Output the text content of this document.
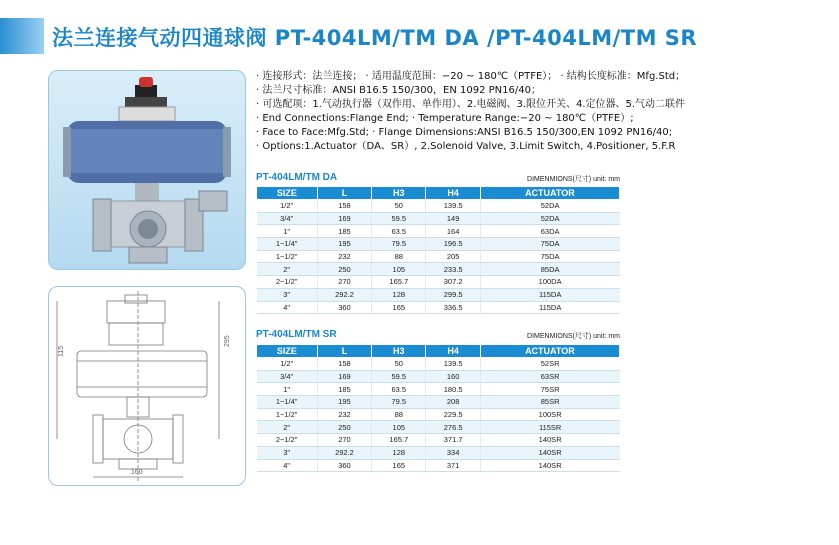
法兰连接气动四通球阀 PT-404LM/TM DA /PT-404LM/TM SR
115
295
160
· 连接形式：法兰连接； · 适用温度范围：−20 ~ 180℃（PTFE）； · 结构长度标准：Mfg.Std；
· 法兰尺寸标准：ANSI B16.5 150/300，EN 1092 PN16/40；
· 可选配项：1.气动执行器（双作用、单作用）、2.电磁阀、3.限位开关、4.定位器、5.气动二联件
· End Connections:Flange End; · Temperature Range:−20 ~ 180℃（PTFE）;
· Face to Face:Mfg.Std; · Flange Dimensions:ANSI B16.5 150/300,EN 1092 PN16/40;
· Options:1.Actuator（DA、SR）, 2.Solenoid Valve, 3.Limit Switch, 4.Positioner, 5.F.R
PT-404LM/TM DA	DIMENMIONS(尺寸) unit: mm
SIZE	L	H3	H4	ACTUATOR
1/2"	158	50	139.5	52DA
3/4"	169	59.5	149	52DA
1"	185	63.5	164	63DA
1−1/4"	195	79.5	196.5	75DA
1−1/2"	232	88	205	75DA
2"	250	105	233.5	85DA
2−1/2"	270	165.7	307.2	100DA
3"	292.2	128	299.5	115DA
4"	360	165	336.5	115DA
PT-404LM/TM SR	DIMENMIONS(尺寸) unit: mm
SIZE	L	H3	H4	ACTUATOR
1/2"	158	50	139.5	52SR
3/4"	169	59.5	160	63SR
1"	185	63.5	180.5	75SR
1−1/4"	195	79.5	208	85SR
1−1/2"	232	88	229.5	100SR
2"	250	105	276.5	115SR
2−1/2"	270	165.7	371.7	140SR
3"	292.2	128	334	140SR
4"	360	165	371	140SR
